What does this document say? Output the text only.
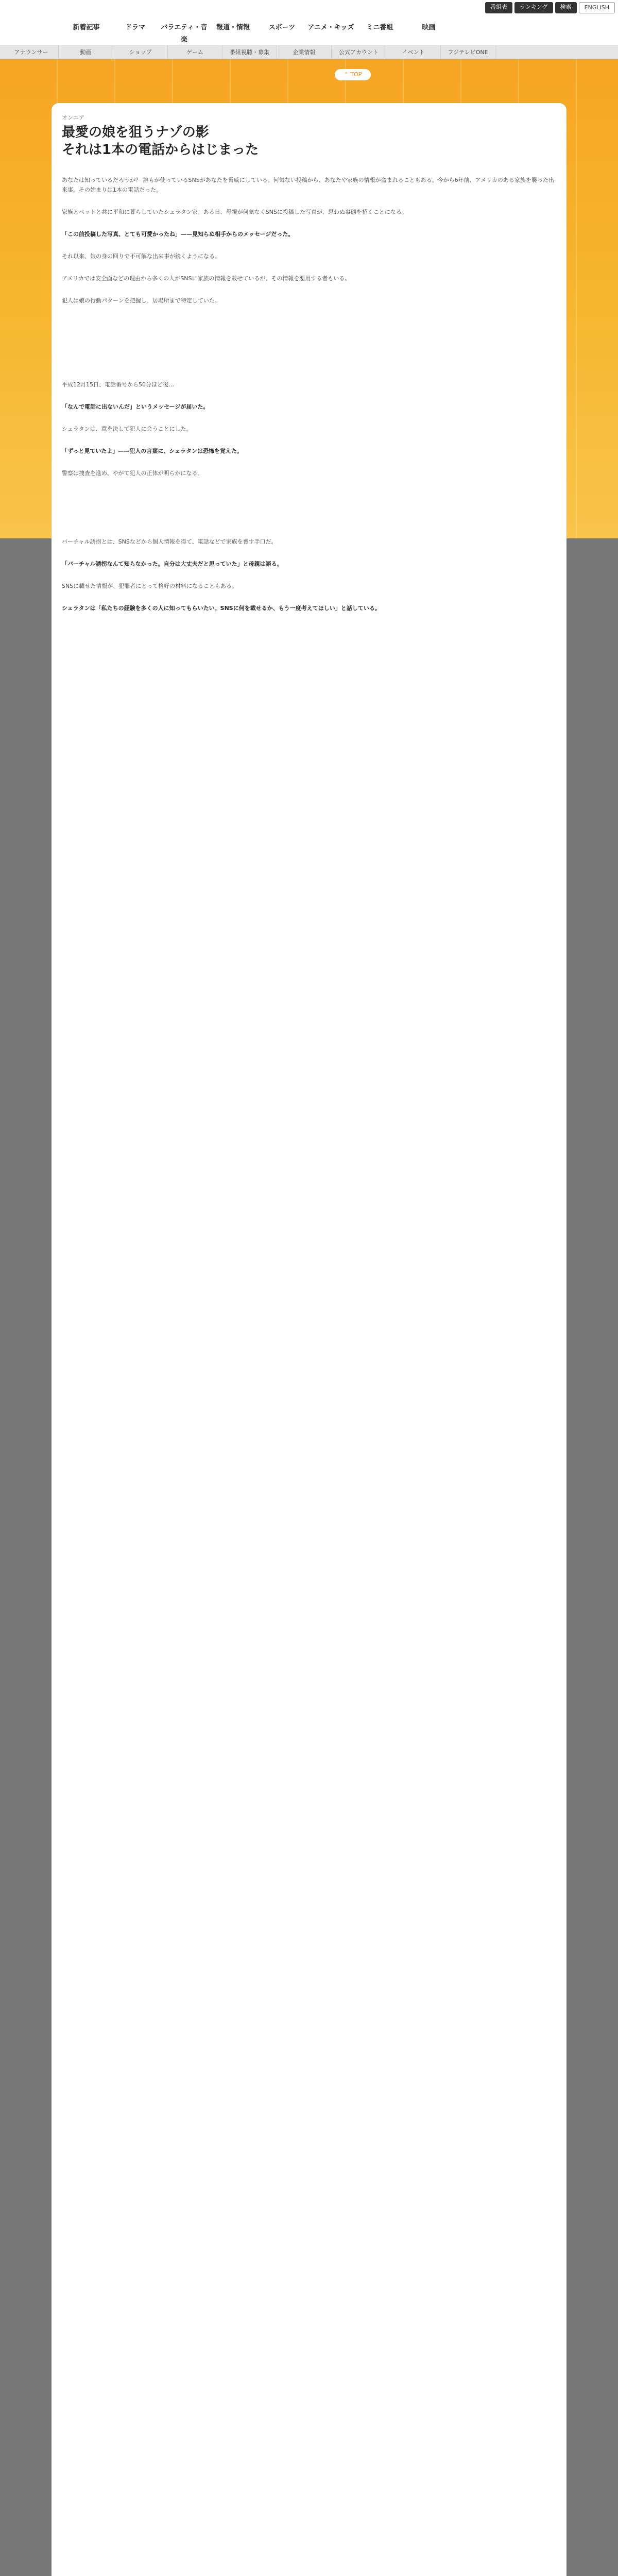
番組表	ランキング	検索	ENGLISH
新着記事	ドラマ	バラエティ・音楽
報道・情報	スポーツ	アニメ・キッズ	ミニ番組	映画
アナウンサー	動画	ショップ	ゲーム	番組視聴・募集	企業情報	公式アカウント	イベント	フジテレビONE
⌃ TOP
オンエア
最愛の娘を狙うナゾの影
それは1本の電話からはじまった

あなたは知っているだろうか？ 誰もが使っているSNSがあなたを脅威にしている。何気ない投稿から、あなたや家族の情報が盗まれることもある。今から6年前、アメリカのある家族を襲った出来事。その始まりは1本の電話だった。

家族とペットと共に平和に暮らしていたシェラタン家。ある日、母親が何気なくSNSに投稿した写真が、思わぬ事態を招くことになる。

「この前投稿した写真、とても可愛かったね」——見知らぬ相手からのメッセージだった。

それ以来、娘の身の回りで不可解な出来事が続くようになる。

アメリカでは安全面などの理由から多くの人がSNSに家族の情報を載せているが、その情報を悪用する者もいる。

犯人は娘の行動パターンを把握し、居場所まで特定していた。

平成12月15日、電話番号から50分ほど後…

「なんで電話に出ないんだ」というメッセージが届いた。

シェラタンは、意を決して犯人に会うことにした。

「ずっと見ていたよ」——犯人の言葉に、シェラタンは恐怖を覚えた。

警察は捜査を進め、やがて犯人の正体が明らかになる。

バーチャル誘拐とは、SNSなどから個人情報を得て、電話などで家族を脅す手口だ。

「バーチャル誘拐なんて知らなかった。自分は大丈夫だと思っていた」と母親は語る。

SNSに載せた情報が、犯罪者にとって格好の材料になることもある。

シェラタンは「私たちの経験を多くの人に知ってもらいたい。SNSに何を載せるか、もう一度考えてほしい」と話している。
